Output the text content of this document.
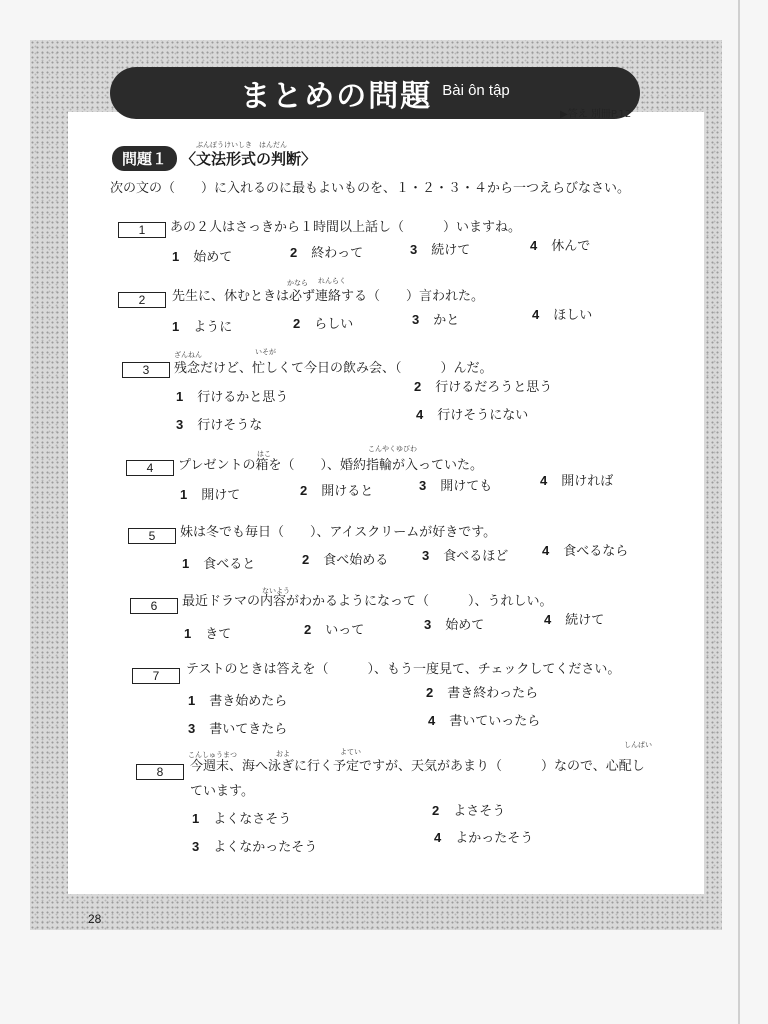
まとめの問題 Bài ôn tập
▶答え 別冊P.12
ぶんぽうけいしき　はんだん
問題１ 〈文法形式の判断〉
次の文の（　　）に入れるのに最もよいものを、１・２・３・４から一つえらびなさい。
1	あの２人はさっきから１時間以上話し（　　　）いますね。
1 始めて	2 終わって	3 続けて	4 休んで
かなら れんらく
2	先生に、休むときは必ず連絡する（　　）言われた。
1 ように	2 らしい	3 かと	4 ほしい
ざんねん	いそが
3	残念だけど、忙しくて今日の飲み会、（　　　）んだ。
1 行けるかと思う
2 行けるだろうと思う
3 行けそうな
4 行けそうにない
はこ
こんやくゆびわ
4	プレゼントの箱を（　　）、婚約指輪が入っていた。
1 開けて	2 開けると	3 開けても	4 開ければ
5	妹は冬でも毎日（　　）、アイスクリームが好きです。
1 食べると	2 食べ始める	3 食べるほど	4 食べるなら
ないよう
6	最近ドラマの内容がわかるようになって（　　　）、うれしい。
1 きて	2 いって	3 始めて	4 続けて
7	テストのときは答えを（　　　）、もう一度見て、チェックしてください。
1 書き始めたら
2 書き終わったら
3 書いてきたら
4 書いていったら
こんしゅうまつ	およ	よてい
しんぱい
8	今週末、海へ泳ぎに行く予定ですが、天気があまり（　　　）なので、心配し
ています。
1 よくなさそう
2 よさそう
3 よくなかったそう
4 よかったそう
28
